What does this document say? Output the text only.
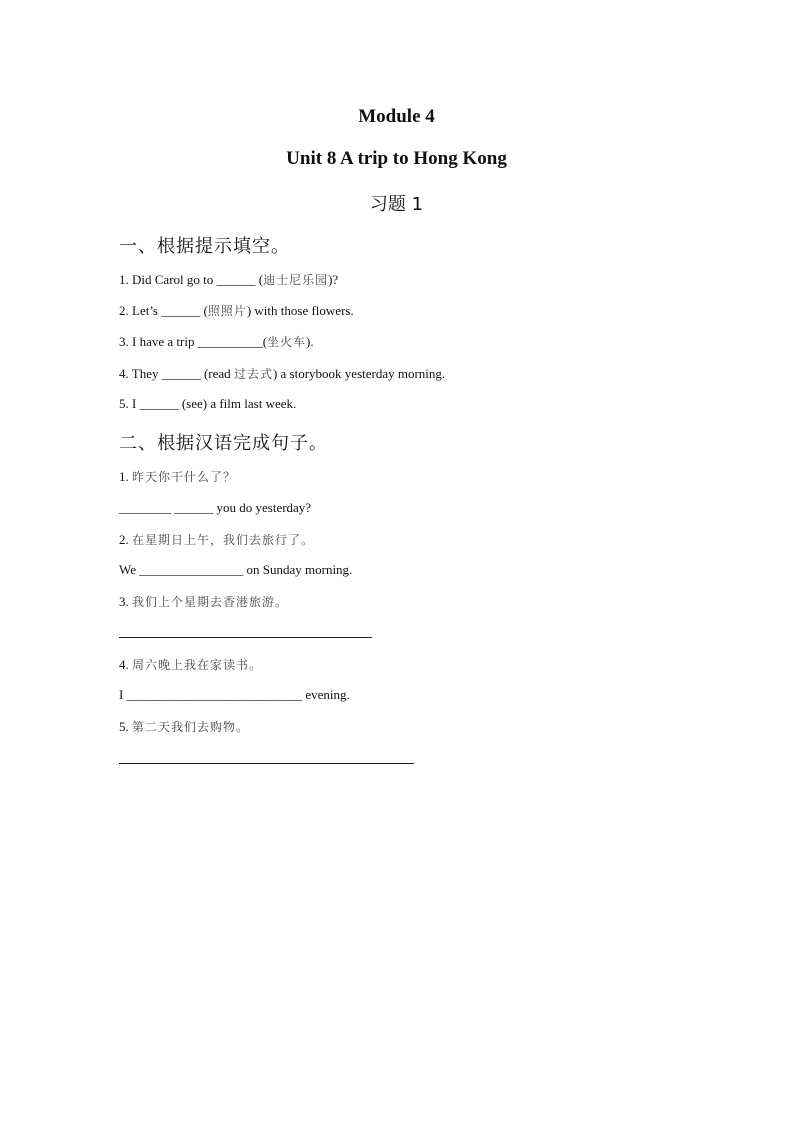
Module 4
Unit 8 A trip to Hong Kong
习题 1
一、根据提示填空。
1. Did Carol go to ______ (迪士尼乐园)?
2. Let’s ______ (照照片) with those flowers.
3. I have a trip __________(坐火车).
4. They ______ (read 过去式) a storybook yesterday morning.
5. I ______ (see) a film last week.
二、根据汉语完成句子。
1. 昨天你干什么了？
________ ______ you do yesterday?
2. 在星期日上午，我们去旅行了。
We ________________ on Sunday morning.
3. 我们上个星期去香港旅游。
4. 周六晚上我在家读书。
I ___________________________ evening.
5. 第二天我们去购物。
